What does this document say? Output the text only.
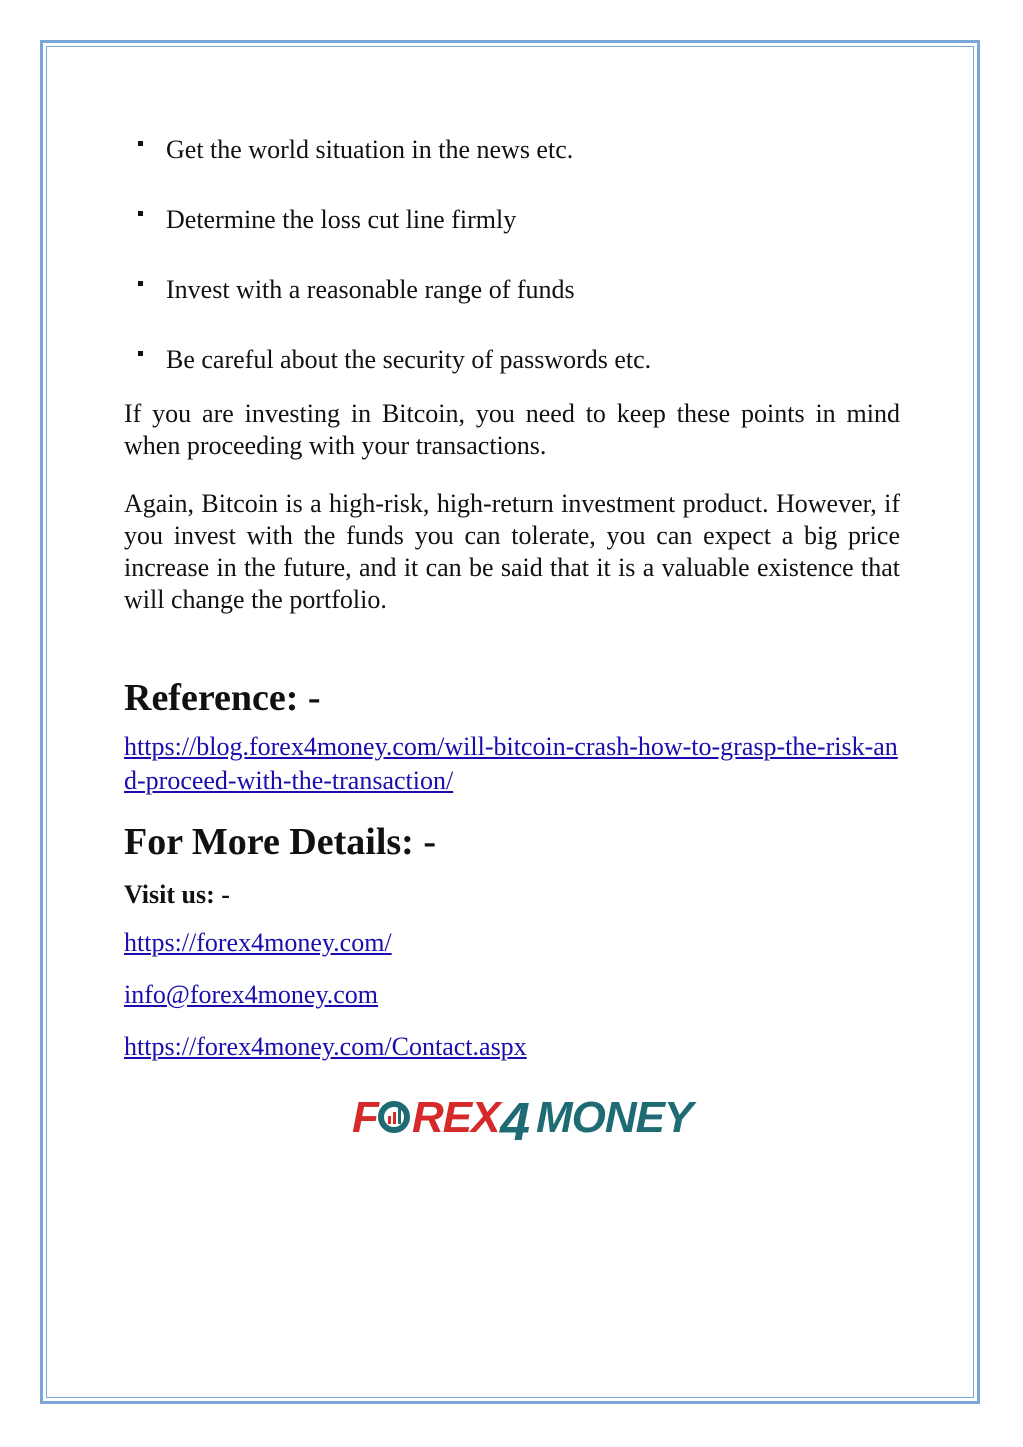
Get the world situation in the news etc.
Determine the loss cut line firmly
Invest with a reasonable range of funds
Be careful about the security of passwords etc.

If you are investing in Bitcoin, you need to keep these points in mind when proceeding with your transactions.

Again, Bitcoin is a high-risk, high-return investment product. However, if you invest with the funds you can tolerate, you can expect a big price increase in the future, and it can be said that it is a valuable existence that will change the portfolio.

Reference: -
https://blog.forex4money.com/will-bitcoin-crash-how-to-grasp-the-risk-and-proceed-with-the-transaction/
For More Details: -
Visit us: -
https://forex4money.com/
info@forex4money.com
https://forex4money.com/Contact.aspx
F REX 4 MONEY
